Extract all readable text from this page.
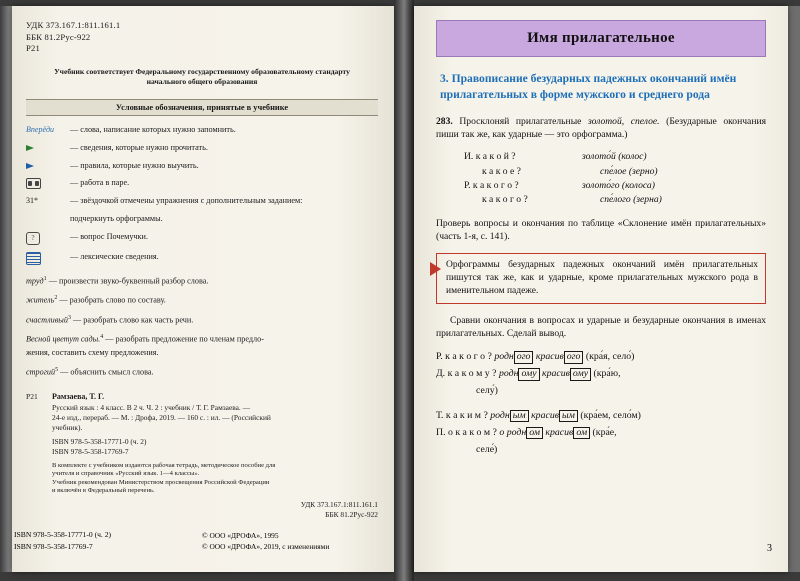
УДК 373.167.1:811.161.1
ББК 81.2Рус-922
Р21
Учебник соответствует Федеральному государственному образовательному стандарту начального общего образования
Условные обозначения, принятые в учебнике
Вперёди	— слова, написание которых нужно запомнить.
— сведения, которые нужно прочитать.
— правила, которые нужно выучить.
— работа в паре.
31*	— звёздочкой отмечены упражнения с дополнительным заданием:
подчеркнуть орфограммы.
?	— вопрос Почемучки.
— лексические сведения.
труд$^1$ — произвести звуко-буквенный разбор слова.
житель$^2$ — разобрать слово по составу.
счастливый$^3$ — разобрать слово как часть речи.
Весной цветут сады.$^4$ — разобрать предложение по членам предло-
жения, составить схему предложения.
строгий$^5$ — объяснить смысл слова.
Р21	Рамзаева, Т. Г.
Русский язык : 4 класс. В 2 ч. Ч. 2 : учебник / Т. Г. Рамзаева. —
24-е изд., перераб. — М. : Дрофа, 2019. — 160 с. : ил. — (Российский
учебник).
ISBN 978-5-358-17771-0 (ч. 2)
ISBN 978-5-358-17769-7
В комплекте с учебником издаются рабочая тетрадь, методическое пособие для
учителя и справочник «Русский язык. 1—4 классы».
Учебник рекомендован Министерством просвещения Российской Федерации
и включён в Федеральный перечень.
УДК 373.167.1:811.161.1
ББК 81.2Рус-922
ISBN 978-5-358-17771-0 (ч. 2)
ISBN 978-5-358-17769-7
© ООО «ДРОФА», 1995
© ООО «ДРОФА», 2019, с изменениями
Имя прилагательное
3. Правописание безударных падежных окончаний имён прилагательных в форме мужского и среднего рода
283. Просклоняй прилагательные золотой, спелое. (Безударные окончания пиши так же, как ударные — это орфограмма.)
И. к а к о й ?	золото́й (колос)
к а к о е ?	спе́лое (зерно)
Р. к а к о г о ?	золото́го (колоса)
к а к о г о ?	спе́лого (зерна)
Проверь вопросы и окончания по таблице «Склонение имён прилагательных» (часть 1-я, с. 141).
Орфограммы безударных падежных окончаний имён прилагательных пишутся так же, как и ударные, кроме прилагательных мужского рода в именительном падеже.
Сравни окончания в вопросах и ударные и безударные окончания в именах прилагательных. Сделай вывод.
Р. к а к о г о ? родн ого красив ого (кра́я, село́)
Д. к а к о м у ? родн ому красив ому (кра́ю,
селу́)
Т. к а к и м ? родн ым красив ым (кра́ем, село́м)
П. о к а к о м ? о родн ом красив ом (кра́е,
селе́)
3
